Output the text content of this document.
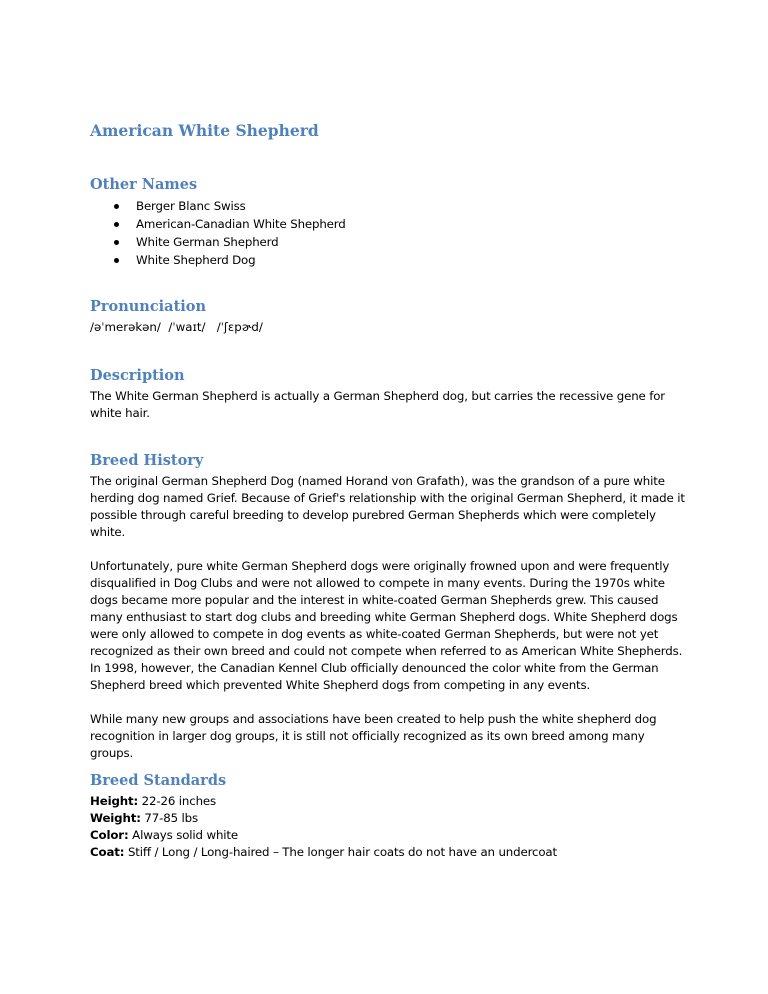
American White Shepherd
Other Names
Berger Blanc Swiss
American-Canadian White Shepherd
White German Shepherd
White Shepherd Dog
Pronunciation
/əˈmerəkən/  /ˈwaɪt/   /ˈʃɛpɚd/
Description

The White German Shepherd is actually a German Shepherd dog, but carries the recessive gene for white hair.

Breed History

The original German Shepherd Dog (named Horand von Grafath), was the grandson of a pure white herding dog named Grief. Because of Grief's relationship with the original German Shepherd, it made it possible through careful breeding to develop purebred German Shepherds which were completely white.

Unfortunately, pure white German Shepherd dogs were originally frowned upon and were frequently disqualified in Dog Clubs and were not allowed to compete in many events. During the 1970s white dogs became more popular and the interest in white-coated German Shepherds grew. This caused many enthusiast to start dog clubs and breeding white German Shepherd dogs. White Shepherd dogs were only allowed to compete in dog events as white-coated German Shepherds, but were not yet recognized as their own breed and could not compete when referred to as American White Shepherds. In 1998, however, the Canadian Kennel Club officially denounced the color white from the German Shepherd breed which prevented White Shepherd dogs from competing in any events.

While many new groups and associations have been created to help push the white shepherd dog recognition in larger dog groups, it is still not officially recognized as its own breed among many groups.

Breed Standards
Height: 22-26 inches
Weight: 77-85 lbs
Color: Always solid white
Coat: Stiff / Long / Long-haired – The longer hair coats do not have an undercoat
